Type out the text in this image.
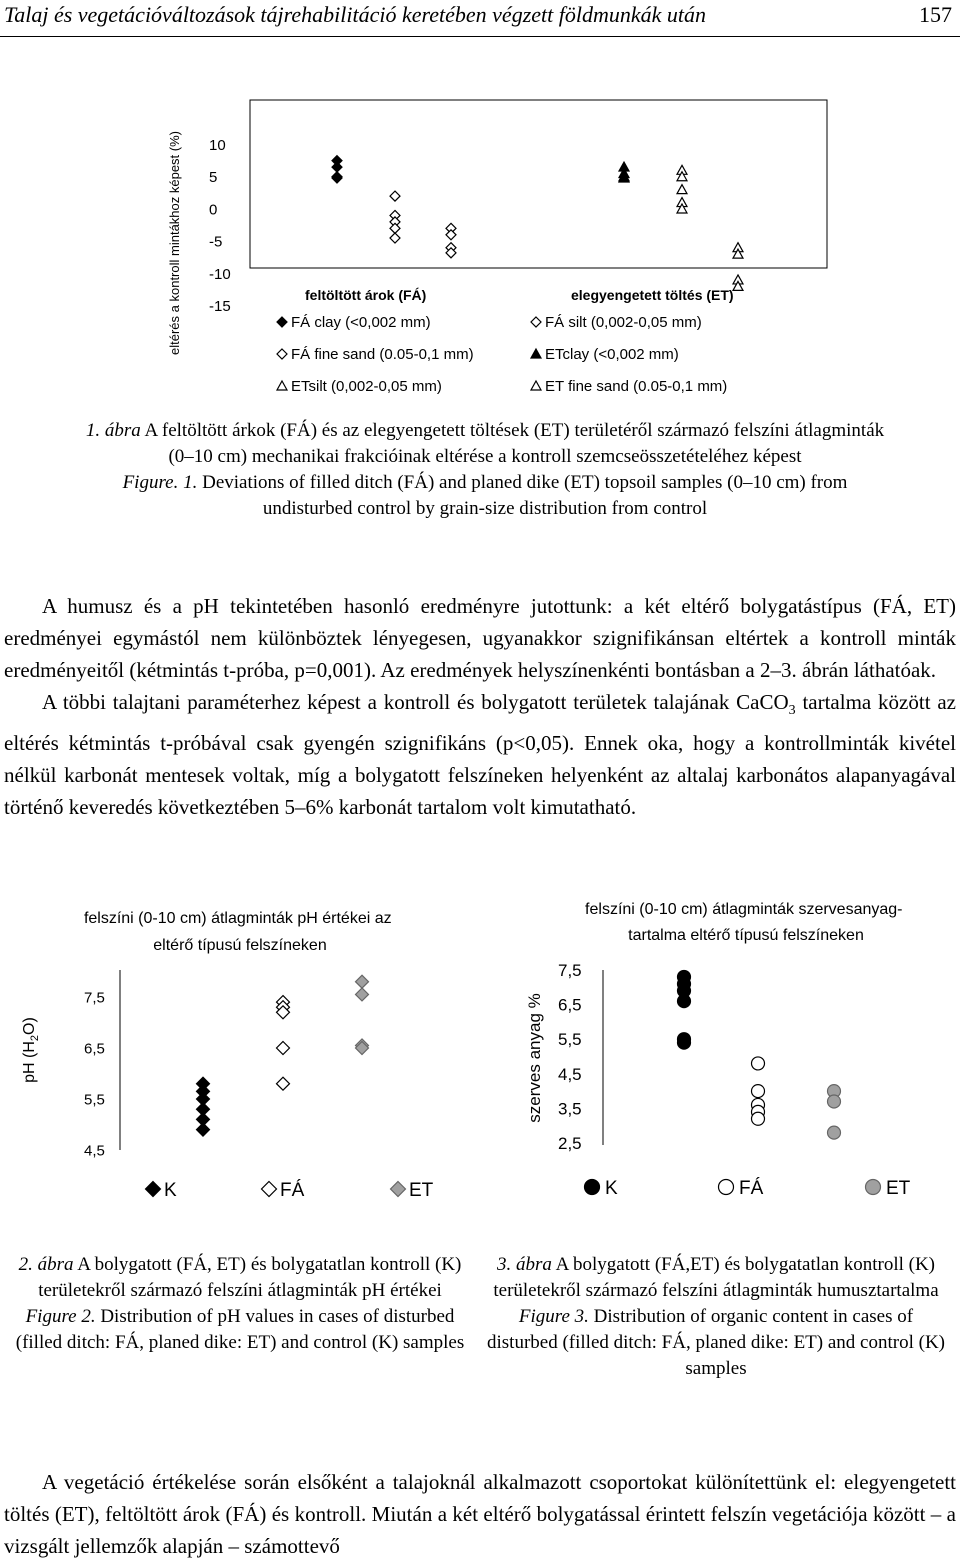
Talaj és vegetációváltozások tájrehabilitáció keretében végzett földmunkák után	157
eltérés a kontroll mintákhoz képest (%) 10
5
0
-5
-10
-15
feltöltött árok (FÁ)	elegyengetett töltés (ET)
FÁ clay (<0,002 mm)	FÁ silt (0,002-0,05 mm)
FÁ fine sand (0.05-0,1 mm)	ETclay (<0,002 mm)
ETsilt (0,002-0,05 mm)	ET fine sand (0.05-0,1 mm)
1. ábra A feltöltött árkok (FÁ) és az elegyengetett töltések (ET) területéről származó felszíni átlagminták (0–10 cm) mechanikai frakcióinak eltérése a kontroll szemcseösszetételéhez képest
Figure. 1. Deviations of filled ditch (FÁ) and planed dike (ET) topsoil samples (0–10 cm) from undisturbed control by grain-size distribution from control

A humusz és a pH tekintetében hasonló eredményre jutottunk: a két eltérő bolygatástípus (FÁ, ET) eredményei egymástól nem különböztek lényegesen, ugyanakkor szignifikánsan eltértek a kontroll minták eredményeitől (kétmintás t-próba, p=0,001). Az eredmények helyszínenkénti bontásban a 2–3. ábrán láthatóak.

A többi talajtani paraméterhez képest a kontroll és bolygatott területek talajának CaCO$_3$ tartalma között az eltérés kétmintás t-próbával csak gyengén szignifikáns (p<0,05). Ennek oka, hogy a kontrollminták kivétel nélkül karbonát mentesek voltak, míg a bolygatott felszíneken helyenként az altalaj karbonátos alapanyagával történő keveredés következtében 5–6% karbonát tartalom volt kimutatható.

felszíni (0-10 cm) átlagminták pH értékei az eltérő típusú felszíneken
pH $(H_2O)$
7,5
6,5
5,5
4,5
K	FÁ	ET
felszíni (0-10 cm) átlagminták szervesanyag- tartalma eltérő típusú felszíneken
szerves anyag %
7,5
6,5
5,5
4,5
3,5
2,5
K	FÁ	ET
2. ábra A bolygatott (FÁ, ET) és bolygatatlan kontroll (K) területekről származó felszíni átlagminták pH értékei
Figure 2. Distribution of pH values in cases of disturbed (filled ditch: FÁ, planed dike: ET) and control (K) samples
3. ábra A bolygatott (FÁ,ET) és bolygatatlan kontroll (K) területekről származó felszíni átlagminták humusztartalma
Figure 3. Distribution of organic content in cases of disturbed (filled ditch: FÁ, planed dike: ET) and control (K) samples

A vegetáció értékelése során elsőként a talajoknál alkalmazott csoportokat különítettünk el: elegyengetett töltés (ET), feltöltött árok (FÁ) és kontroll. Miután a két eltérő bolygatással érintett felszín vegetációja között – a vizsgált jellemzők alapján – számottevő
